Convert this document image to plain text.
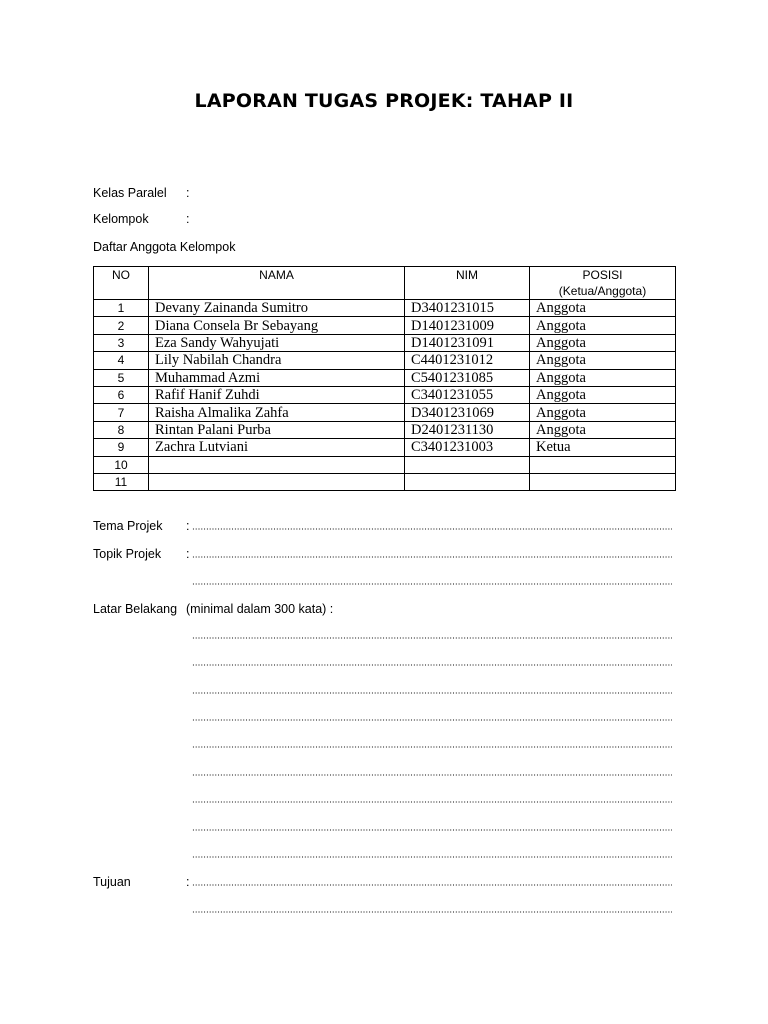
LAPORAN TUGAS PROJEK: TAHAP II
Kelas Paralel :
Kelompok	:
Daftar Anggota Kelompok
NO	NAMA	NIM	POSISI
(Ketua/Anggota)

1	Devany Zainanda Sumitro	D3401231015	Anggota
2	Diana Consela Br Sebayang	D1401231009	Anggota
3	Eza Sandy Wahyujati	D1401231091	Anggota
4	Lily Nabilah Chandra	C4401231012	Anggota
5	Muhammad Azmi	C5401231085	Anggota
6	Rafif Hanif Zuhdi	C3401231055	Anggota
7	Raisha Almalika Zahfa	D3401231069	Anggota
8	Rintan Palani Purba	D2401231130	Anggota
9	Zachra Lutviani	C3401231003	Ketua
10			
11			
Tema Projek :
Topik Projek :
Latar Belakang (minimal dalam 300 kata) :
Tujuan	:
